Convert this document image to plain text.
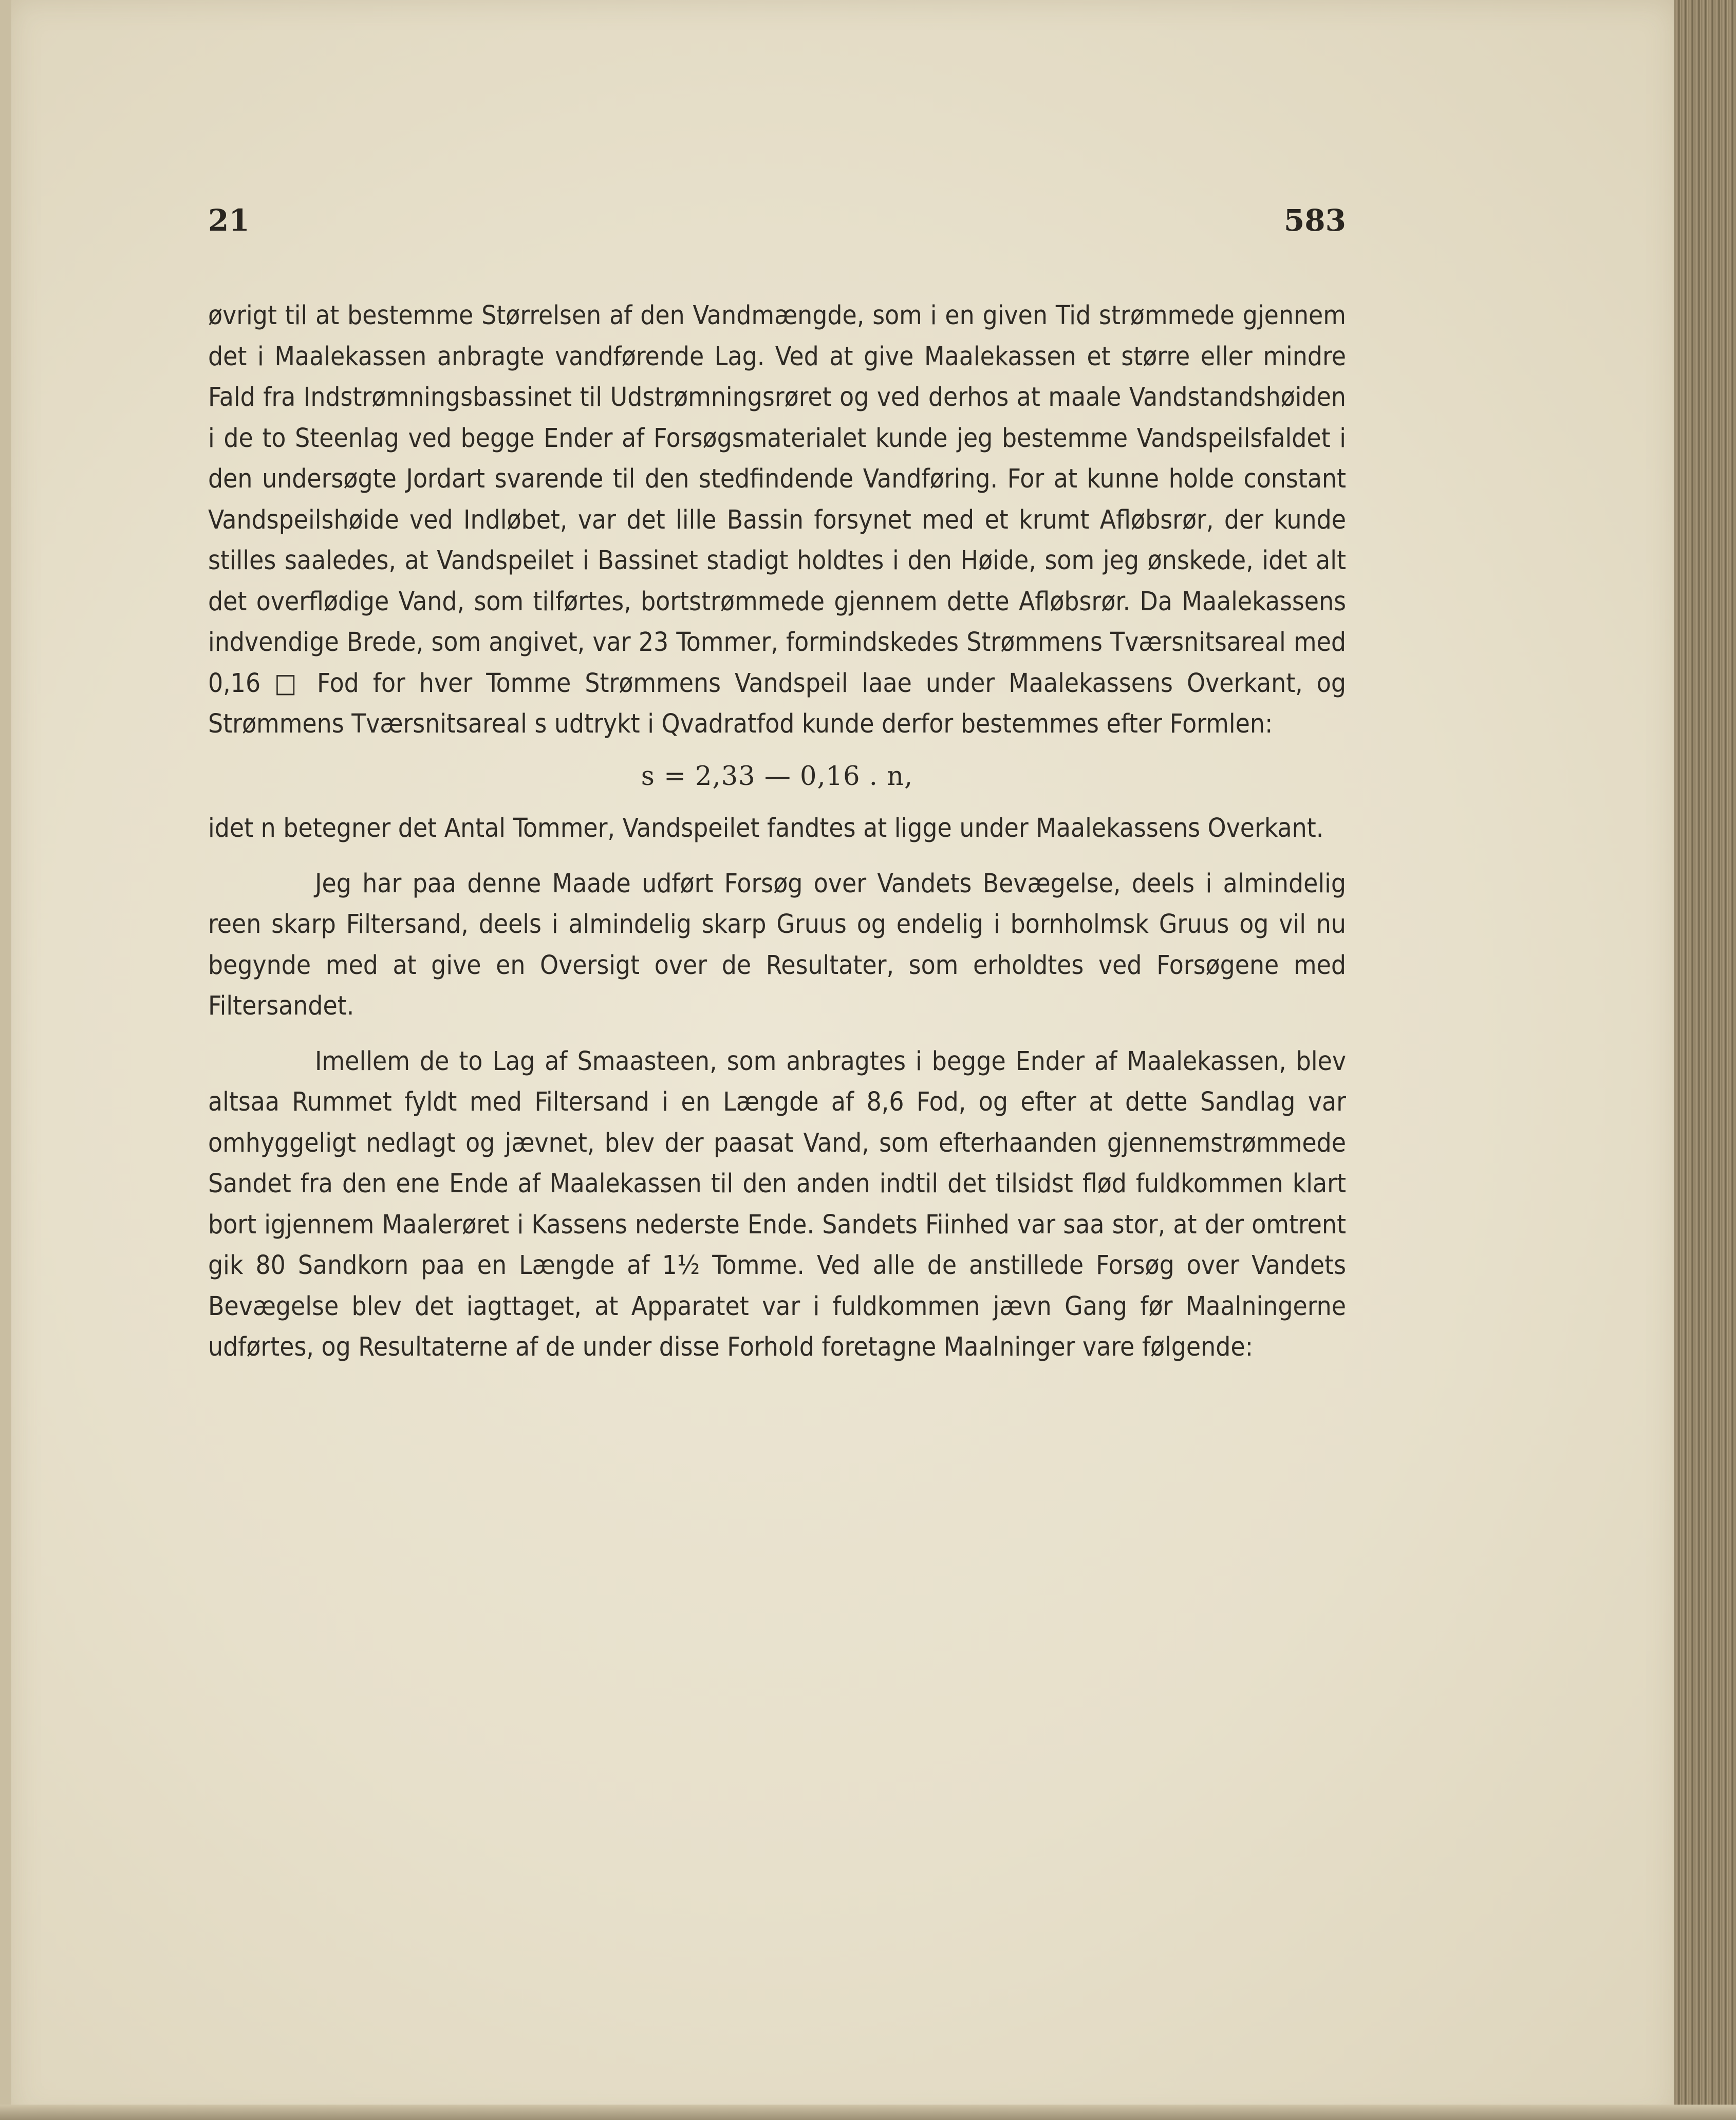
21	583

øvrigt til at bestemme Størrelsen af den Vandmængde, som i en given Tid strømmede gjennem det i Maalekassen anbragte vandførende Lag. Ved at give Maalekassen et større eller mindre Fald fra Indstrømningsbassinet til Udstrømningsrøret og ved derhos at maale Vandstandshøiden i de to Steenlag ved begge Ender af Forsøgsmaterialet kunde jeg bestemme Vandspeilsfaldet i den undersøgte Jordart svarende til den stedfindende Vandføring. For at kunne holde constant Vandspeilshøide ved Indløbet, var det lille Bassin forsynet med et krumt Afløbsrør, der kunde stilles saaledes, at Vandspeilet i Bassinet stadigt holdtes i den Høide, som jeg ønskede, idet alt det overflødige Vand, som tilførtes, bortstrømmede gjennem dette Afløbsrør. Da Maalekassens indvendige Brede, som angivet, var 23 Tommer, formindskedes Strømmens Tværsnitsareal med 0,16 □ Fod for hver Tomme Strømmens Vandspeil laae under Maalekassens Overkant, og Strømmens Tværsnitsareal s udtrykt i Qvadratfod kunde derfor bestemmes efter Formlen:

s = 2,33 — 0,16 . n,

idet n betegner det Antal Tommer, Vandspeilet fandtes at ligge under Maalekassens Overkant.

Jeg har paa denne Maade udført Forsøg over Vandets Bevægelse, deels i almindelig reen skarp Filtersand, deels i almindelig skarp Gruus og endelig i bornholmsk Gruus og vil nu begynde med at give en Oversigt over de Resultater, som erholdtes ved Forsøgene med Filtersandet.

Imellem de to Lag af Smaasteen, som anbragtes i begge Ender af Maalekassen, blev altsaa Rummet fyldt med Filtersand i en Længde af 8,6 Fod, og efter at dette Sandlag var omhyggeligt nedlagt og jævnet, blev der paasat Vand, som efterhaanden gjennemstrømmede Sandet fra den ene Ende af Maalekassen til den anden indtil det tilsidst flød fuldkommen klart bort igjennem Maalerøret i Kassens nederste Ende. Sandets Fiinhed var saa stor, at der omtrent gik 80 Sandkorn paa en Længde af 1½ Tomme. Ved alle de anstillede Forsøg over Vandets Bevægelse blev det iagttaget, at Apparatet var i fuldkommen jævn Gang før Maalningerne udførtes, og Resultaterne af de under disse Forhold foretagne Maalninger vare følgende:
